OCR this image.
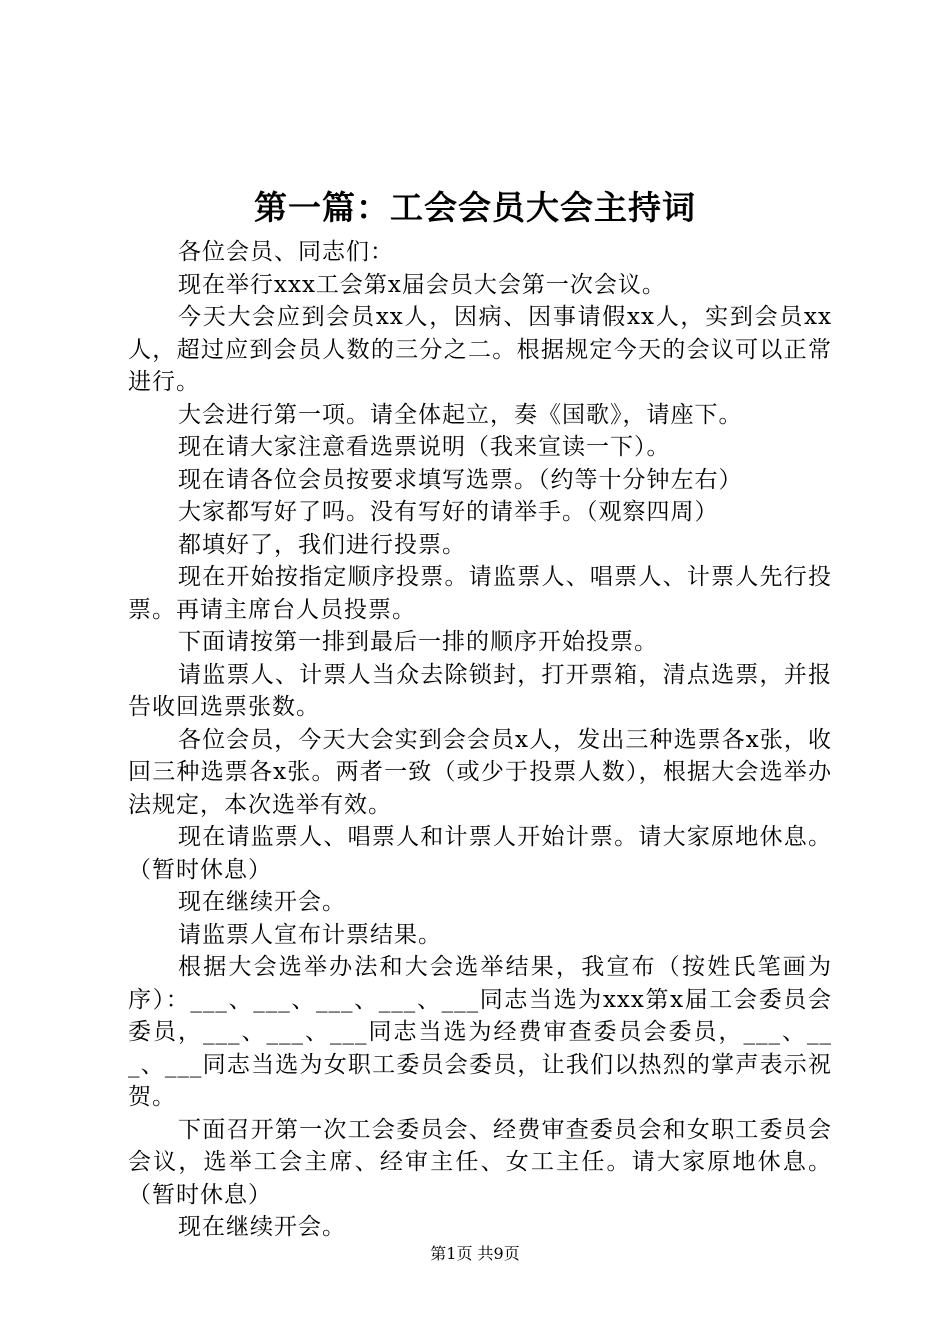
第一篇：工会会员大会主持词

各位会员、同志们：

现在举行xxx工会第x届会员大会第一次会议。

今天大会应到会员xx人，因病、因事请假xx人，实到会员xx人，超过应到会员人数的三分之二。根据规定今天的会议可以正常进行。

大会进行第一项。请全体起立，奏《国歌》，请座下。

现在请大家注意看选票说明（我来宣读一下）。

现在请各位会员按要求填写选票。（约等十分钟左右）

大家都写好了吗。没有写好的请举手。（观察四周）

都填好了，我们进行投票。

现在开始按指定顺序投票。请监票人、唱票人、计票人先行投票。再请主席台人员投票。

下面请按第一排到最后一排的顺序开始投票。

请监票人、计票人当众去除锁封，打开票箱，清点选票，并报告收回选票张数。

各位会员，今天大会实到会会员x人，发出三种选票各x张，收回三种选票各x张。两者一致（或少于投票人数），根据大会选举办法规定，本次选举有效。

现在请监票人、唱票人和计票人开始计票。请大家原地休息。（暂时休息）

现在继续开会。

请监票人宣布计票结果。

根据大会选举办法和大会选举结果，我宣布（按姓氏笔画为序）：___、___、___、___、___同志当选为xxx第x届工会委员会委员，___、___、___同志当选为经费审查委员会委员，___、___、___同志当选为女职工委员会委员，让我们以热烈的掌声表示祝贺。

下面召开第一次工会委员会、经费审查委员会和女职工委员会会议，选举工会主席、经审主任、女工主任。请大家原地休息。（暂时休息）

现在继续开会。

第1页 共9页
